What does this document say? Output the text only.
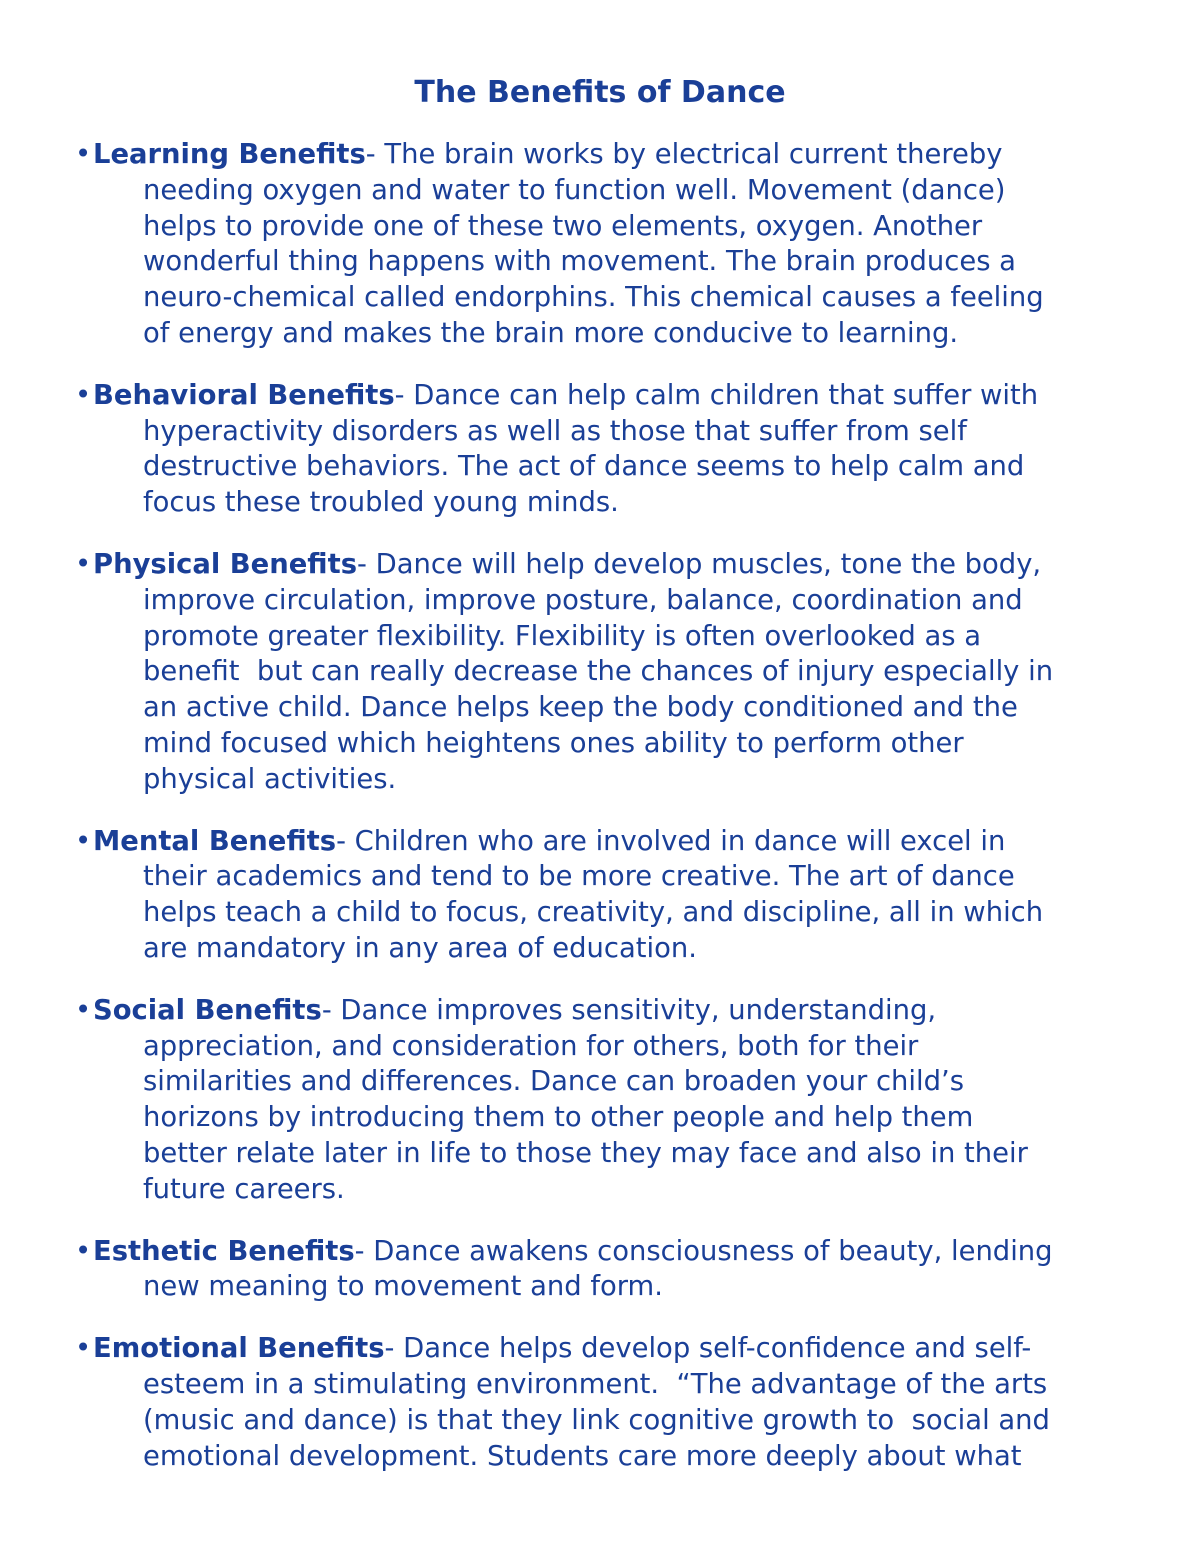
The Benefits of Dance
• Learning Benefits- The brain works by electrical current thereby
needing oxygen and water to function well. Movement (dance)
helps to provide one of these two elements, oxygen. Another
wonderful thing happens with movement. The brain produces a
neuro-chemical called endorphins. This chemical causes a feeling
of energy and makes the brain more conducive to learning.
• Behavioral Benefits- Dance can help calm children that suffer with
hyperactivity disorders as well as those that suffer from self
destructive behaviors. The act of dance seems to help calm and
focus these troubled young minds.
• Physical Benefits- Dance will help develop muscles, tone the body,
improve circulation, improve posture, balance, coordination and
promote greater flexibility. Flexibility is often overlooked as a
benefit  but can really decrease the chances of injury especially in
an active child. Dance helps keep the body conditioned and the
mind focused which heightens ones ability to perform other
physical activities.
• Mental Benefits- Children who are involved in dance will excel in
their academics and tend to be more creative. The art of dance
helps teach a child to focus, creativity, and discipline, all in which
are mandatory in any area of education.
• Social Benefits- Dance improves sensitivity, understanding,
appreciation, and consideration for others, both for their
similarities and differences. Dance can broaden your child’s
horizons by introducing them to other people and help them
better relate later in life to those they may face and also in their
future careers.
• Esthetic Benefits- Dance awakens consciousness of beauty, lending
new meaning to movement and form.
• Emotional Benefits- Dance helps develop self-confidence and self-
esteem in a stimulating environment.  “The advantage of the arts
(music and dance) is that they link cognitive growth to  social and
emotional development. Students care more deeply about what
